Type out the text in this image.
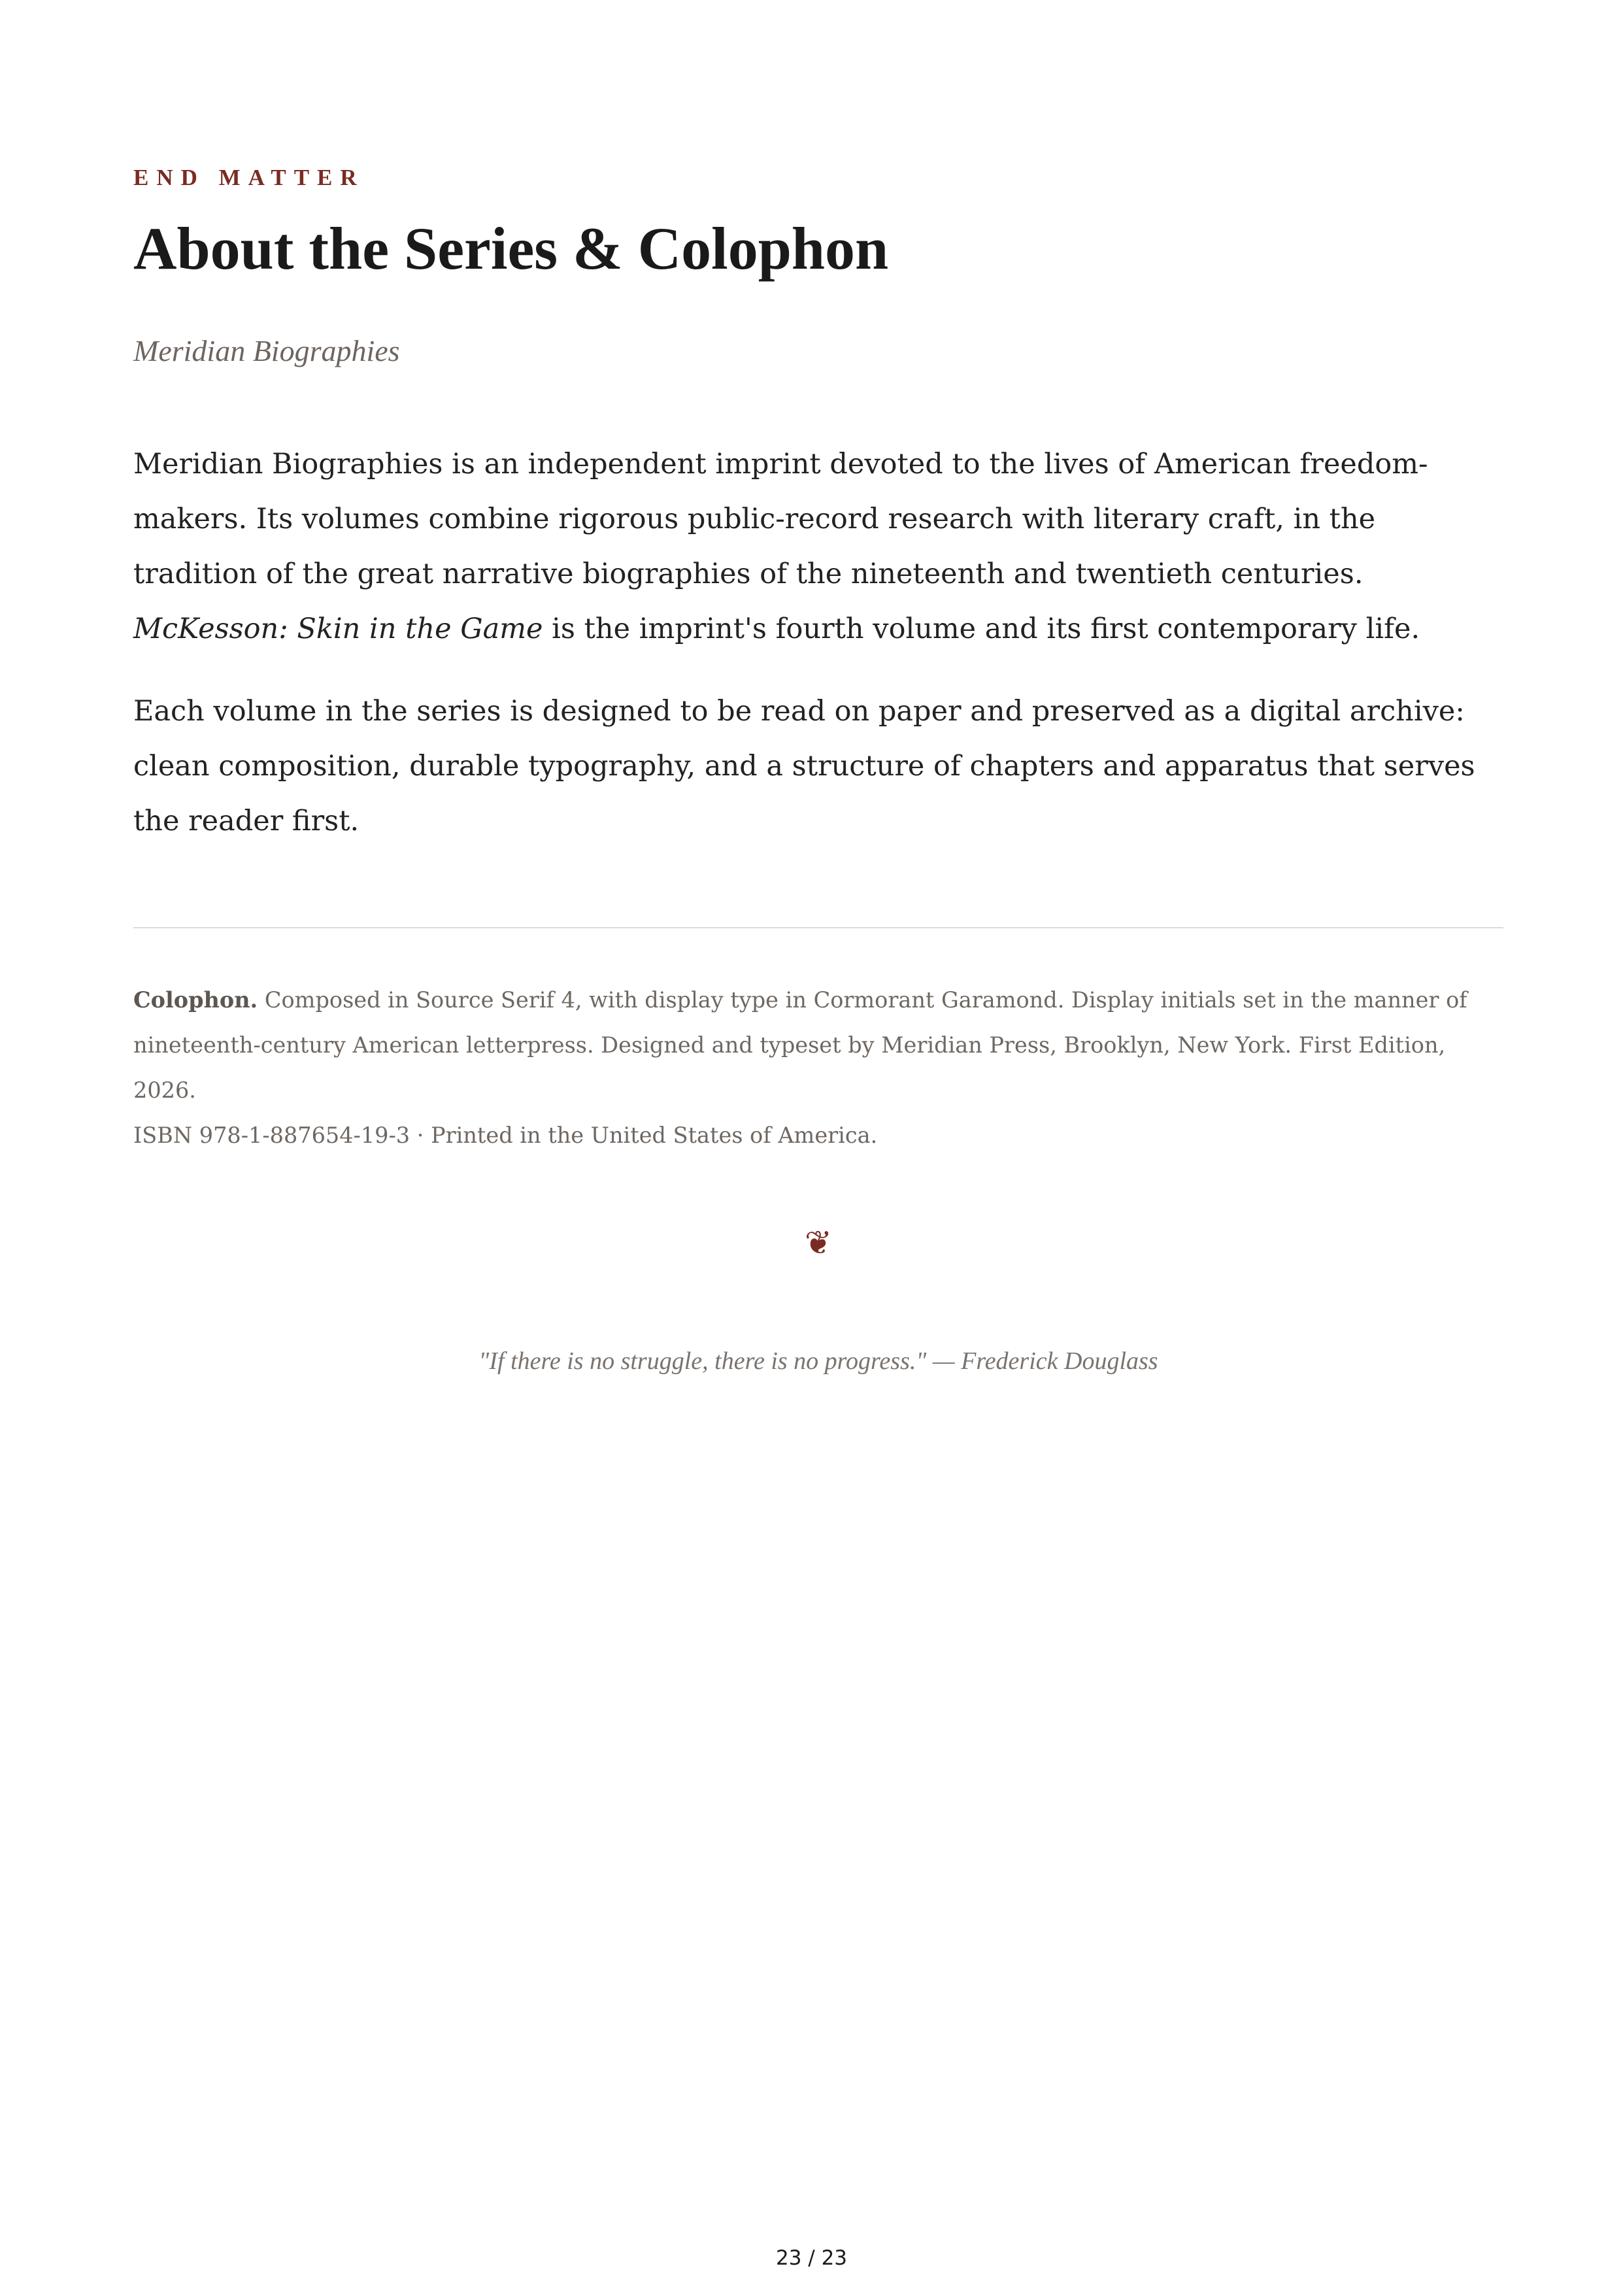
END MATTER
About the Series & Colophon
Meridian Biographies

Meridian Biographies is an independent imprint devoted to the lives of American freedom-makers. Its volumes combine rigorous public-record research with literary craft, in the tradition of the great narrative biographies of the nineteenth and twentieth centuries. McKesson: Skin in the Game is the imprint's fourth volume and its first contemporary life.

Each volume in the series is designed to be read on paper and preserved as a digital archive: clean composition, durable typography, and a structure of chapters and apparatus that serves the reader first.

Colophon. Composed in Source Serif 4, with display type in Cormorant Garamond. Display initials set in the manner of nineteenth-century American letterpress. Designed and typeset by Meridian Press, Brooklyn, New York. First Edition, 2026.

ISBN 978-1-887654-19-3 · Printed in the United States of America.

❦
"If there is no struggle, there is no progress." — Frederick Douglass
23 / 23
